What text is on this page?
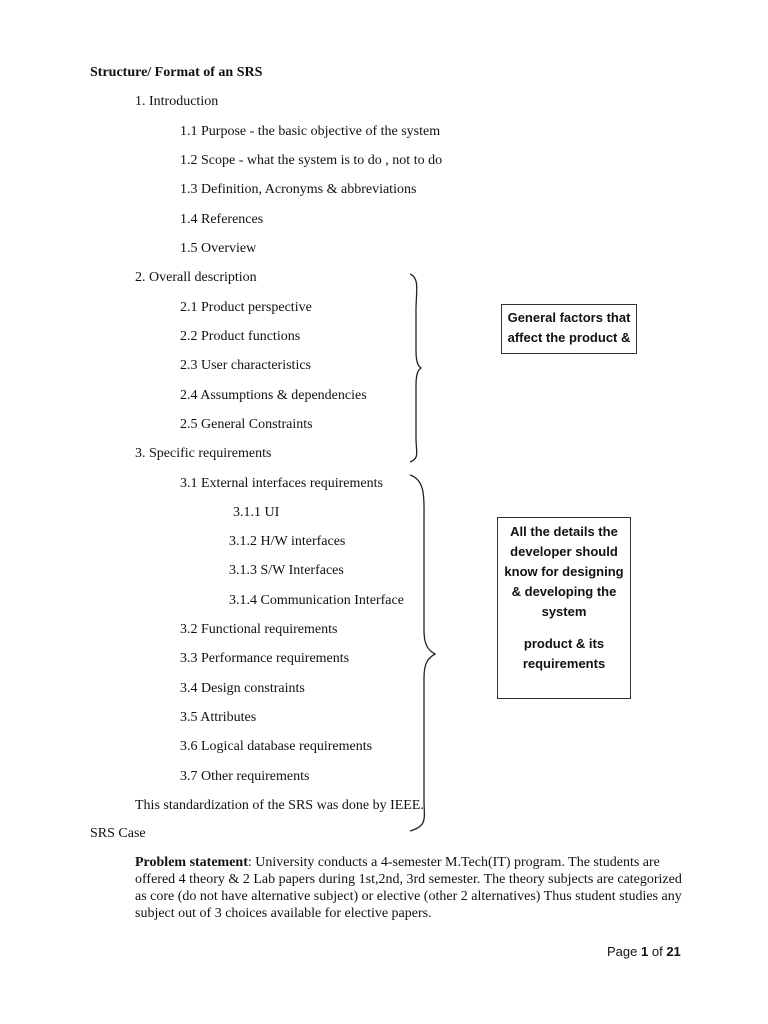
Structure/ Format of an SRS
1. Introduction
1.1 Purpose - the basic objective of the system
1.2 Scope - what the system is to do , not to do
1.3 Definition, Acronyms & abbreviations
1.4 References
1.5 Overview
2. Overall description
2.1 Product perspective
2.2 Product functions
2.3 User characteristics
2.4 Assumptions & dependencies
2.5 General Constraints
3. Specific requirements
3.1 External interfaces requirements
3.1.1 UI
3.1.2 H/W interfaces
3.1.3 S/W Interfaces
3.1.4 Communication Interface
3.2 Functional requirements
3.3 Performance requirements
3.4 Design constraints
3.5 Attributes
3.6 Logical database requirements
3.7 Other requirements
This standardization of the SRS was done by IEEE.
SRS Case
General factors that
affect the product &
All the details the
developer should
know for designing
& developing the
system
product & its
requirements
Problem statement: University conducts a 4-semester M.Tech(IT) program. The students are offered 4 theory & 2 Lab papers during 1st,2nd, 3rd semester. The theory subjects are categorized as core (do not have alternative subject) or elective (other 2 alternatives) Thus student studies any subject out of 3 choices available for elective papers.
Page 1 of 21
